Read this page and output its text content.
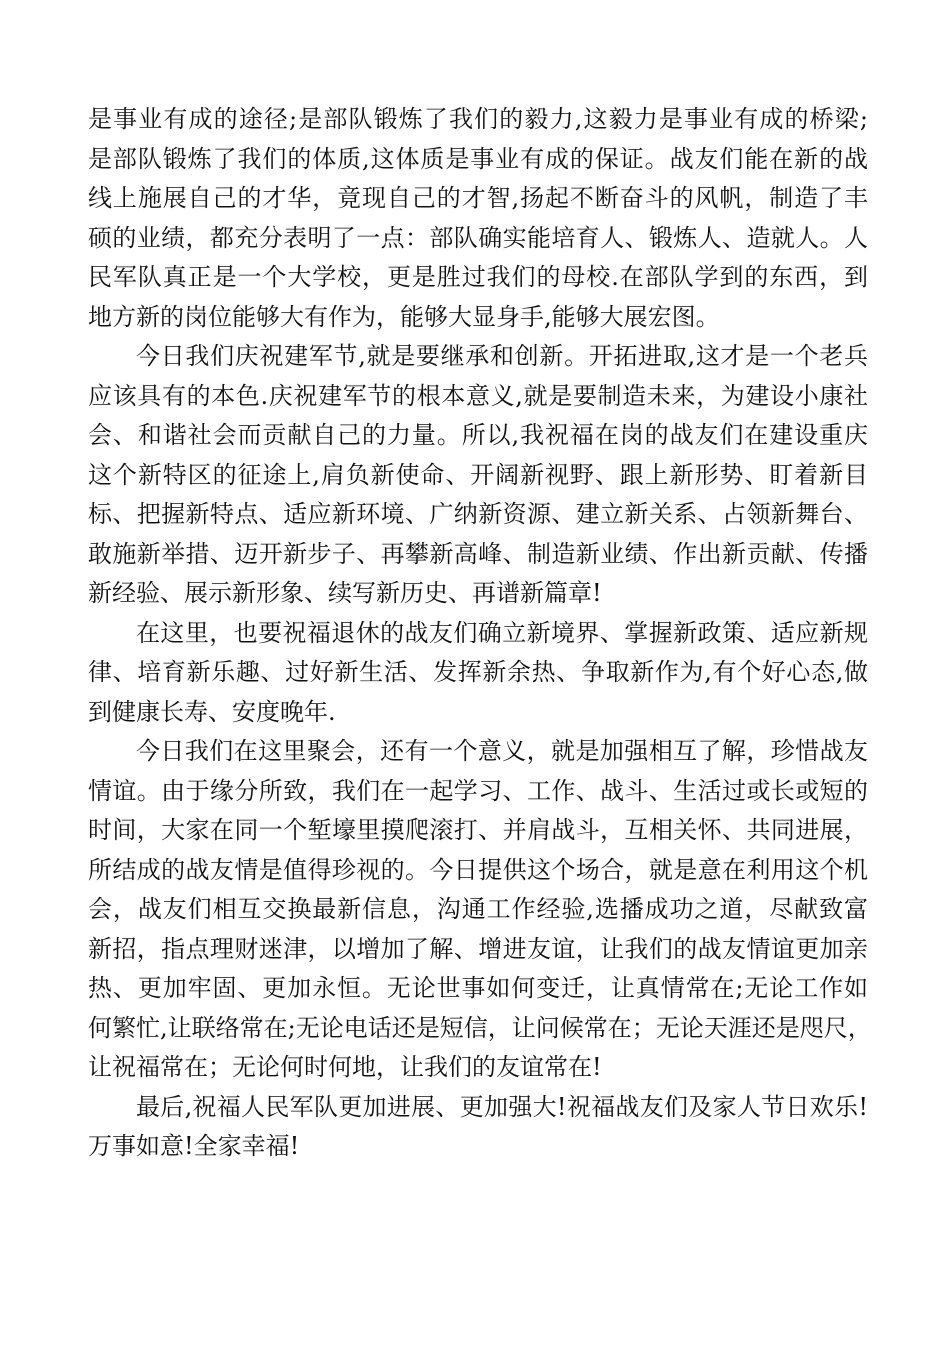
是事业有成的途径;是部队锻炼了我们的毅力,这毅力是事业有成的桥梁;
是部队锻炼了我们的体质,这体质是事业有成的保证。战友们能在新的战
线上施展自己的才华，竟现自己的才智,扬起不断奋斗的风帆，制造了丰
硕的业绩，都充分表明了一点：部队确实能培育人、锻炼人、造就人。人
民军队真正是一个大学校，更是胜过我们的母校.在部队学到的东西，到
地方新的岗位能够大有作为，能够大显身手,能够大展宏图。
今日我们庆祝建军节,就是要继承和创新。开拓进取,这才是一个老兵
应该具有的本色.庆祝建军节的根本意义,就是要制造未来，为建设小康社
会、和谐社会而贡献自己的力量。所以,我祝福在岗的战友们在建设重庆
这个新特区的征途上,肩负新使命、开阔新视野、跟上新形势、盯着新目
标、把握新特点、适应新环境、广纳新资源、建立新关系、占领新舞台、
敢施新举措、迈开新步子、再攀新高峰、制造新业绩、作出新贡献、传播
新经验、展示新形象、续写新历史、再谱新篇章!
在这里，也要祝福退休的战友们确立新境界、掌握新政策、适应新规
律、培育新乐趣、过好新生活、发挥新余热、争取新作为,有个好心态,做
到健康长寿、安度晚年.
今日我们在这里聚会，还有一个意义，就是加强相互了解，珍惜战友
情谊。由于缘分所致，我们在一起学习、工作、战斗、生活过或长或短的
时间，大家在同一个堑壕里摸爬滚打、并肩战斗，互相关怀、共同进展，
所结成的战友情是值得珍视的。今日提供这个场合，就是意在利用这个机
会，战友们相互交换最新信息，沟通工作经验,选播成功之道，尽献致富
新招，指点理财迷津，以增加了解、增进友谊，让我们的战友情谊更加亲
热、更加牢固、更加永恒。无论世事如何变迁，让真情常在;无论工作如
何繁忙,让联络常在;无论电话还是短信，让问候常在；无论天涯还是咫尺，
让祝福常在；无论何时何地，让我们的友谊常在!
最后,祝福人民军队更加进展、更加强大!祝福战友们及家人节日欢乐!
万事如意!全家幸福!
